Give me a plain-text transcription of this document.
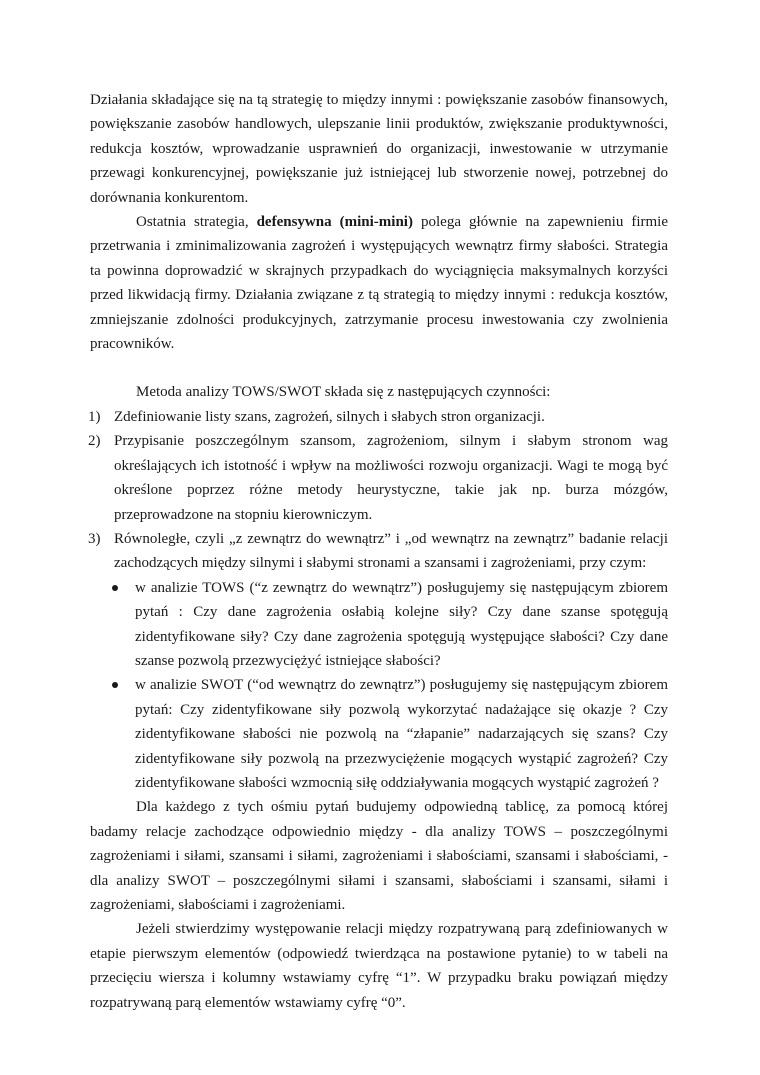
Działania składające się na tą strategię to między innymi : powiększanie zasobów finansowych, powiększanie zasobów handlowych, ulepszanie linii produktów, zwiększanie produktywności, redukcja kosztów, wprowadzanie usprawnień do organizacji, inwestowanie w utrzymanie przewagi konkurencyjnej, powiększanie już istniejącej lub stworzenie nowej, potrzebnej do dorównania konkurentom.

Ostatnia strategia, defensywna (mini-mini) polega głównie na zapewnieniu firmie przetrwania i zminimalizowania zagrożeń i występujących wewnątrz firmy słabości. Strategia ta powinna doprowadzić w skrajnych przypadkach do wyciągnięcia maksymalnych korzyści przed likwidacją firmy. Działania związane z tą strategią to między innymi : redukcja kosztów, zmniejszanie zdolności produkcyjnych, zatrzymanie procesu inwestowania czy zwolnienia pracowników.

Metoda analizy TOWS/SWOT składa się z następujących czynności:

1) Zdefiniowanie listy szans, zagrożeń, silnych i słabych stron organizacji.
2) Przypisanie poszczególnym szansom, zagrożeniom, silnym i słabym stronom wag określających ich istotność i wpływ na możliwości rozwoju organizacji. Wagi te mogą być określone poprzez różne metody heurystyczne, takie jak np. burza mózgów, przeprowadzone na stopniu kierowniczym.
3) Równoległe, czyli „z zewnątrz do wewnątrz” i „od wewnątrz na zewnątrz” badanie relacji zachodzących między silnymi i słabymi stronami a szansami i zagrożeniami, przy czym:
w analizie TOWS (“z zewnątrz do wewnątrz”) posługujemy się następującym zbiorem pytań : Czy dane zagrożenia osłabią kolejne siły? Czy dane szanse spotęgują zidentyfikowane siły? Czy dane zagrożenia spotęgują występujące słabości? Czy dane szanse pozwolą przezwyciężyć istniejące słabości?
w analizie SWOT (“od wewnątrz do zewnątrz”) posługujemy się następującym zbiorem pytań: Czy zidentyfikowane siły pozwolą wykorzytać nadażające się okazje ? Czy zidentyfikowane słabości nie pozwolą na “złapanie” nadarzających się szans? Czy zidentyfikowane siły pozwolą na przezwyciężenie mogących wystąpić zagrożeń? Czy zidentyfikowane słabości wzmocnią siłę oddziaływania mogących wystąpić zagrożeń ?

Dla każdego z tych ośmiu pytań budujemy odpowiedną tablicę, za pomocą której badamy relacje zachodzące odpowiednio między - dla analizy TOWS – poszczególnymi zagrożeniami i siłami, szansami i siłami, zagrożeniami i słabościami, szansami i słabościami, - dla analizy SWOT – poszczególnymi siłami i szansami, słabościami i szansami, siłami i zagrożeniami, słabościami i zagrożeniami.

Jeżeli stwierdzimy występowanie relacji między rozpatrywaną parą zdefiniowanych w etapie pierwszym elementów (odpowiedź twierdząca na postawione pytanie) to w tabeli na przecięciu wiersza i kolumny wstawiamy cyfrę “1”. W przypadku braku powiązań między rozpatrywaną parą elementów wstawiamy cyfrę “0”.
